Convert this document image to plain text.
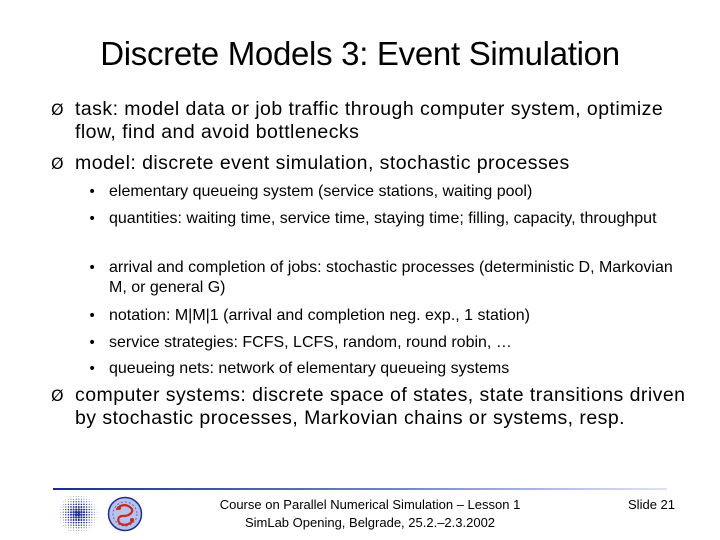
Discrete Models 3: Event Simulation
Ø task: model data or job traffic through computer system, optimize flow, find and avoid bottlenecks
Ø model: discrete event simulation, stochastic processes
• elementary queueing system (service stations, waiting pool)
• quantities: waiting time, service time, staying time; filling, capacity, throughput
• arrival and completion of jobs: stochastic processes (deterministic D, Markovian M, or general G)
• notation: M|M|1 (arrival and completion neg. exp., 1 station)
• service strategies: FCFS, LCFS, random, round robin, …
• queueing nets: network of elementary queueing systems
Ø computer systems: discrete space of states, state transitions driven by stochastic processes, Markovian chains or systems, resp.
Course on Parallel Numerical Simulation – Lesson 1
SimLab Opening, Belgrade, 25.2.–2.3.2002
Slide 21
